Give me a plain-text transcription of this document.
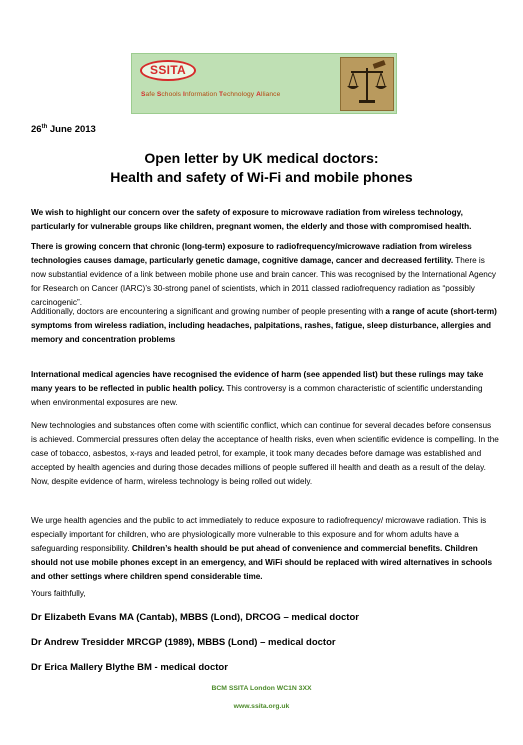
SSITA
Safe Schools Information Technology Alliance
26th June 2013
Open letter by UK medical doctors:
Health and safety of Wi-Fi and mobile phones
We wish to highlight our concern over the safety of exposure to microwave radiation from wireless technology, particularly for vulnerable groups like children, pregnant women, the elderly and those with compromised health.
There is growing concern that chronic (long-term) exposure to radiofrequency/microwave radiation from wireless technologies causes damage, particularly genetic damage, cognitive damage, cancer and decreased fertility. There is now substantial evidence of a link between mobile phone use and brain cancer. This was recognised by the International Agency for Research on Cancer (IARC)’s 30-strong panel of scientists, which in 2011 classed radiofrequency radiation as “possibly carcinogenic”.
Additionally, doctors are encountering a significant and growing number of people presenting with a range of acute (short-term) symptoms from wireless radiation, including headaches, palpitations, rashes, fatigue, sleep disturbance, allergies and memory and concentration problems
International medical agencies have recognised the evidence of harm (see appended list) but these rulings may take many years to be reflected in public health policy. This controversy is a common characteristic of scientific understanding when environmental exposures are new.
New technologies and substances often come with scientific conflict, which can continue for several decades before consensus is achieved. Commercial pressures often delay the acceptance of health risks, even when scientific evidence is compelling. In the case of tobacco, asbestos, x-rays and leaded petrol, for example, it took many decades before damage was established and accepted by health agencies and during those decades millions of people suffered ill health and death as a result of the delay. Now, despite evidence of harm, wireless technology is being rolled out widely.
We urge health agencies and the public to act immediately to reduce exposure to radiofrequency/ microwave radiation. This is especially important for children, who are physiologically more vulnerable to this exposure and for whom adults have a safeguarding responsibility. Children’s health should be put ahead of convenience and commercial benefits. Children should not use mobile phones except in an emergency, and WiFi should be replaced with wired alternatives in schools and other settings where children spend considerable time.
Yours faithfully,
Dr Elizabeth Evans MA (Cantab), MBBS (Lond), DRCOG – medical doctor
Dr Andrew Tresidder MRCGP (1989), MBBS (Lond) – medical doctor
Dr Erica Mallery Blythe BM - medical doctor
BCM SSITA London WC1N 3XX
www.ssita.org.uk
